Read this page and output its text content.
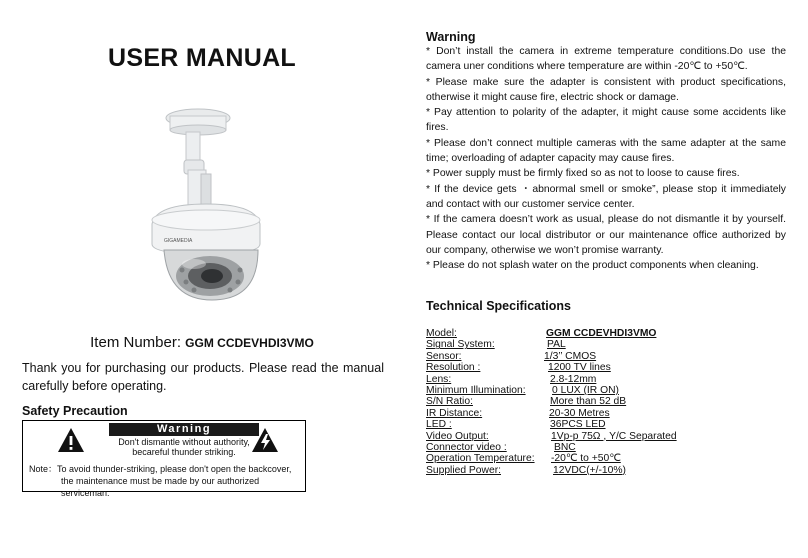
USER MANUAL
GIGAMEDIA
Item Number: GGM CCDEVHDI3VMO
Thank you for purchasing our products. Please read the manual
carefully before operating.
Safety Precaution
Warning
Don't dismantle without authority,
becareful thunder striking.
Note：To avoid thunder-striking, please don't open the backcover,
the maintenance must be made by our authorized serviceman.
Warning

* Don’t install the camera in extreme temperature conditions.Do use the camera uner conditions where temperature are within -20℃ to +50℃.

* Please make sure the adapter is consistent with product specifications, otherwise it might cause fire, electric shock or damage.

* Pay attention to polarity of the adapter, it might cause some accidents like fires.

* Please don’t connect multiple cameras with the same adapter at the same time; overloading of adapter capacity may cause fires.

* Power supply must be firmly fixed so as not to loose to cause fires.

* If the device gets ・abnormal smell or smoke”, please stop it immediately and contact with our customer service center.

* If the camera doesn’t work as usual, please do not dismantle it by yourself. Please contact our local distributor or our maintenance office authorized by our company, otherwise we won’t promise warranty.

* Please do not splash water on the product components when cleaning.

Technical Specifications
Model:	GGM CCDEVHDI3VMO
Signal System:	PAL
Sensor:	1/3’’ CMOS
Resolution :	1200 TV lines
Lens:	2.8-12mm
Minimum Illumination:	0 LUX (IR ON)
S/N Ratio:	More than 52 dB
IR Distance:	20-30 Metres
LED :	36PCS LED
Video Output:	1Vp-p 75Ω , Y/C Separated
Connector video :	BNC
Operation Temperature: -20℃ to +50℃
Supplied Power:	12VDC(+/-10%)
